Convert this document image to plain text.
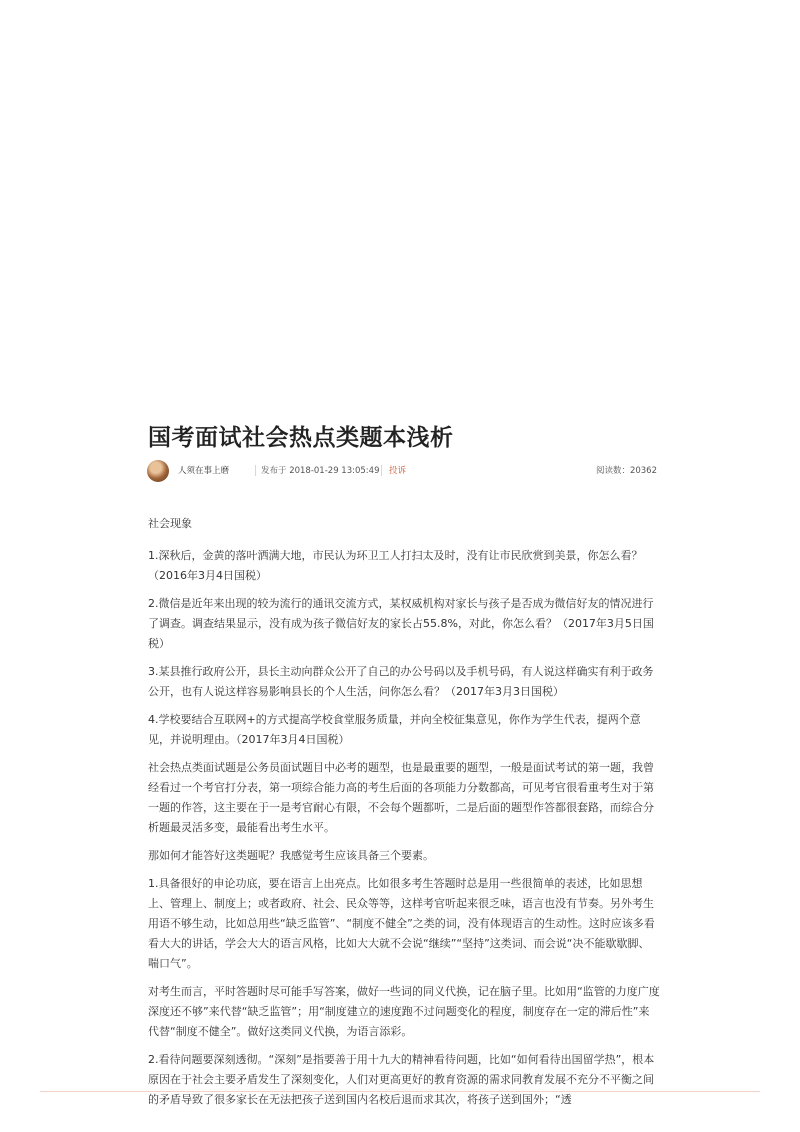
国考面试社会热点类题本浅析
人须在事上磨	发布于 2018-01-29 13:05:49 投诉	阅读数：20362

社会现象

1.深秋后，金黄的落叶洒满大地，市民认为环卫工人打扫太及时，没有让市民欣赏到美景，你怎么看？（2016年3月4日国税）

2.微信是近年来出现的较为流行的通讯交流方式，某权威机构对家长与孩子是否成为微信好友的情况进行了调查。调查结果显示，没有成为孩子微信好友的家长占55.8%，对此，你怎么看？（2017年3月5日国税）

3.某县推行政府公开，县长主动向群众公开了自己的办公号码以及手机号码，有人说这样确实有利于政务公开，也有人说这样容易影响县长的个人生活，问你怎么看？（2017年3月3日国税）

4.学校要结合互联网+的方式提高学校食堂服务质量，并向全校征集意见，你作为学生代表，提两个意见，并说明理由。（2017年3月4日国税）

社会热点类面试题是公务员面试题目中必考的题型，也是最重要的题型，一般是面试考试的第一题，我曾经看过一个考官打分表，第一项综合能力高的考生后面的各项能力分数都高，可见考官很看重考生对于第一题的作答，这主要在于一是考官耐心有限，不会每个题都听，二是后面的题型作答都很套路，而综合分析题最灵活多变，最能看出考生水平。

那如何才能答好这类题呢？我感觉考生应该具备三个要素。

1.具备很好的申论功底，要在语言上出亮点。比如很多考生答题时总是用一些很简单的表述，比如思想上、管理上、制度上；或者政府、社会、民众等等，这样考官听起来很乏味，语言也没有节奏。另外考生用语不够生动，比如总用些“缺乏监管”、“制度不健全”之类的词，没有体现语言的生动性。这时应该多看看大大的讲话，学会大大的语言风格，比如大大就不会说“继续”“坚持”这类词、而会说“决不能歇歇脚、喘口气”。

对考生而言，平时答题时尽可能手写答案，做好一些词的同义代换，记在脑子里。比如用“监管的力度广度深度还不够”来代替“缺乏监管”；用“制度建立的速度跑不过问题变化的程度，制度存在一定的滞后性”来代替“制度不健全”。做好这类同义代换，为语言添彩。

2.看待问题要深刻透彻。“深刻”是指要善于用十九大的精神看待问题，比如“如何看待出国留学热”，根本原因在于社会主要矛盾发生了深刻变化，人们对更高更好的教育资源的需求同教育发展不充分不平衡之间的矛盾导致了很多家长在无法把孩子送到国内名校后退而求其次，将孩子送到国外；“透
